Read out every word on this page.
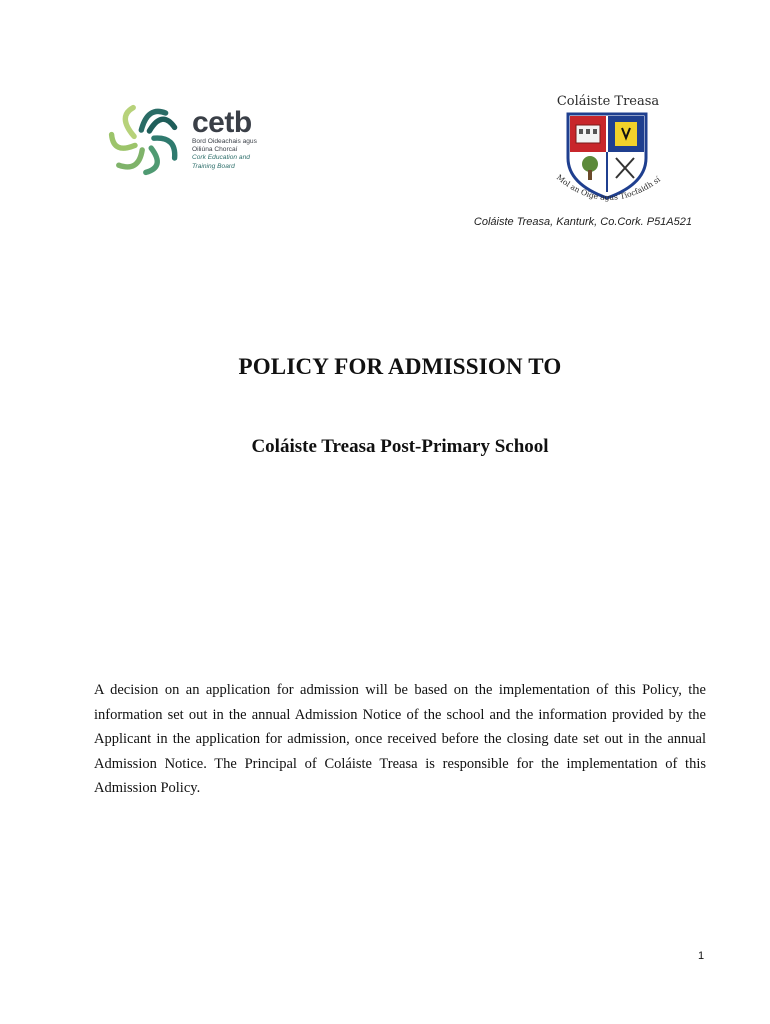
cetb
Bord Oideachais agus
Oiliúna Chorcaí
Cork Education and
Training Board
Coláiste Treasa
Mol an Óige agus Tiocfaidh sí
Coláiste Treasa, Kanturk, Co.Cork. P51A521
POLICY FOR ADMISSION TO
Coláiste Treasa Post-Primary School
A decision on an application for admission will be based on the implementation of this Policy, the information set out in the annual Admission Notice of the school and the information provided by the Applicant in the application for admission, once received before the closing date set out in the annual Admission Notice. The Principal of Coláiste Treasa is responsible for the implementation of this Admission Policy.
1
